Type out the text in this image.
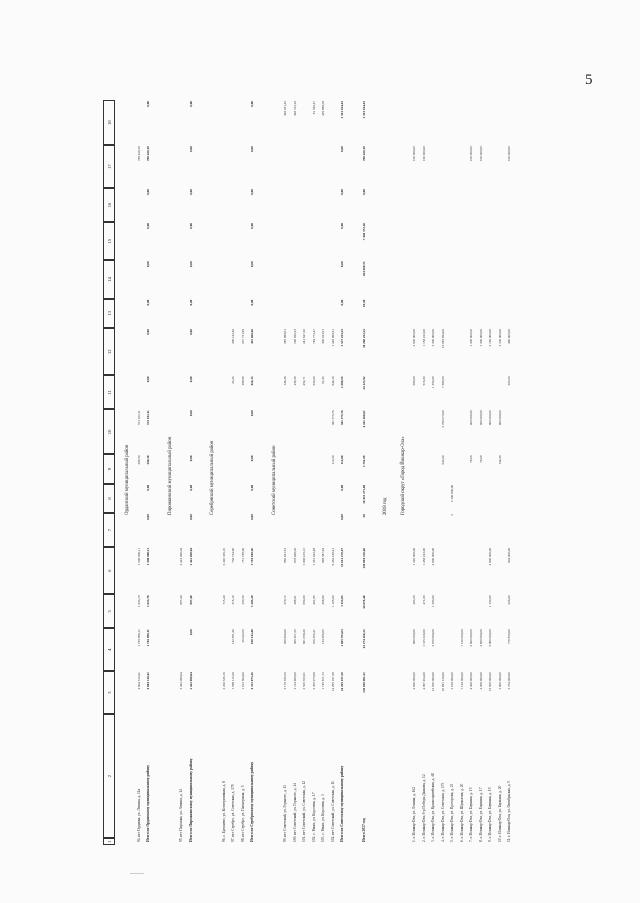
5
1
2
3
4
5
6
7
8
9
10
11
12
13
14
15
16
17
18
Орданский муниципальный район
94. пгт Орданка, ул. Ленина, д. 11а
4 604 310,41
1 765 998,11
1 823,70
1 500 000,11
296,50
572 102,11
768 428,10
Итого по Орданскому муниципальному району
4 604 310,41
1 765 998,11
1 823,70
1 500 000,11
0,00
0,00
296,50
572 102,11
0,00
0,00
0,00
0,00
0,00
0,00
768 428,10
0,00
Пирожковский муниципальный район
95. пгт Пирожки, ул. Ленина, д. 14
2 422 090,04
897,40
2 422 090,04
Итого по Пирожковскому муниципальному району
2 422 090,04
0,00
897,40
2 422 090,04
0,00
0,00
0,00
0,00
0,00
0,00
0,00
0,00
0,00
0,00
0,00
0,00
Серебряский муниципальный район
96. с. Брежнево, ул. Кооперативная, д. 8
2 220 336,16
715,40
2 220 336,16
97. пгт Серебро, ул. Советская, д. 179
1 099 113,20
132 391,40
215,10
738 724,60
23,43
208 143,40
98. пгт Серебро, ул. Пионерская, д. 5
1 013 584,00
26 042,00
220,50
751 788,00
398,99
237 731,99
Итого по Серебряскому муниципальному району
4 333 073,36
188 343,40
1 205,20
3 710 849,56
0,00
0,00
0,00
0,00
416,35
453 860,40
0,00
0,00
0,00
0,00
0,00
0,00
Советский муниципальный район
99. пгт Советский, ул. Горького, д. 13
2 179 355,33
299 600,00
270,72
960 921,61
146,38
385 988,01
548 261,81
100. пгт Советский, ул. Горького, д. 14
2 114 909,00
306 267,33
288,61
878 489,02
236,39
190 296,25
548 312,22
101. пгт Советский, ул. Советская, д. 12
2 525 353,61
681 258,20
650,00
1 008 415,21
452,71
241 647,20
102. с. Ракиз, ул. Королева, д. 17
2 455 975,08
106 265,47
401,85
1 451 462,48
533,00
784 773,47
81 526,47
103. с. Ракиз, ул. Королева, д. 3
1 745 871,73
134 286,65
268,80
898 387,94
61,45
300 222,91
429 888,03
104. пгт Советский, ул. Советская, д. 11
14 295 197,38
1 105,90
9 454 169,41
112,00
381 375,76
944,20
1 428 066,61
Итого по Советскому муниципальному району
24 295 197,38
1 885 793,85
3 115,05
14 651 278,67
0,00
0,00
112,00
381 375,76
1 606,95
3 537 255,25
0,00
0,00
0,00
0,00
0,00
1 591 924,63
Итого 2017 год
238 858 901,21
61 274 168,32
58 676,40
138 094 338,66
50
10 415 271,09
1 791,99
4 411 268,61
24 123,92
34 260 252,25
10,50
454 980,71
7 450 372,56
0,00
768 428,10
1 591 924,63
2018 год	Городской округ «Город Йошкар-Ола»
1. г. Йошкар-Ола, ул. Ленина, д. 162
4 660 000,00
680 000,00
203,50
1 220 000,00
590,00
2 600 000,00
160 000,00
2. г. Йошкар-Ола, б-р Победы Дьякова, д. 12
4 097 464,00
1 315 220,00
471,00
1 458 222,00
515,00
1 158 222,00
160 000,00
3. г. Йошкар-Ола, ул. Красноармейская, д. 48
12 636 000,00
3 070 000,00
1 200,00
4 000 000,00
1 350,00
3 200 000,00
4. г. Йошкар-Ола, ул. Советская, д. 173
10 891 120,00
643,00
2 799 073,00
7 580,00
16 092 854,00
5. г. Йошкар-Ола, ул. Прохорова, д. 23
2 100 000,00
2
2 100 000,00
6. г. Йошкар-Ола, ул. Шумилова, д. 20
7 120 000,00
7 120 000,00
7. г. Йошкар-Ола, ул. Баумана, д. 15
4 300 000,00
2 600 000,00
78,00
400 000,00
1 200 000,00
160 000,00
8. г. Йошкар-Ола, ул. Баумана, д. 17
4 200 000,00
2 600 000,00
78,00
400 000,00
1 200 000,00
160 000,00
9. г. Йошкар-Ола, ул. Баумана, д. 19
12 500 000,00
5 000 000,00
1 150,00
4 800 000,00
800 000,00
2 160 000,00
10. г. Йошкар-Ола, ул. Баумана, д. 20
3 900 000,00
154,00
800 000,00
2 100 000,00
11. г. Йошкар-Ола, ул. Октябрьская, д. 5
2 704 000,00
770 850,00
226,00
904 000,00
203,00
480 000,00
160 000,00
